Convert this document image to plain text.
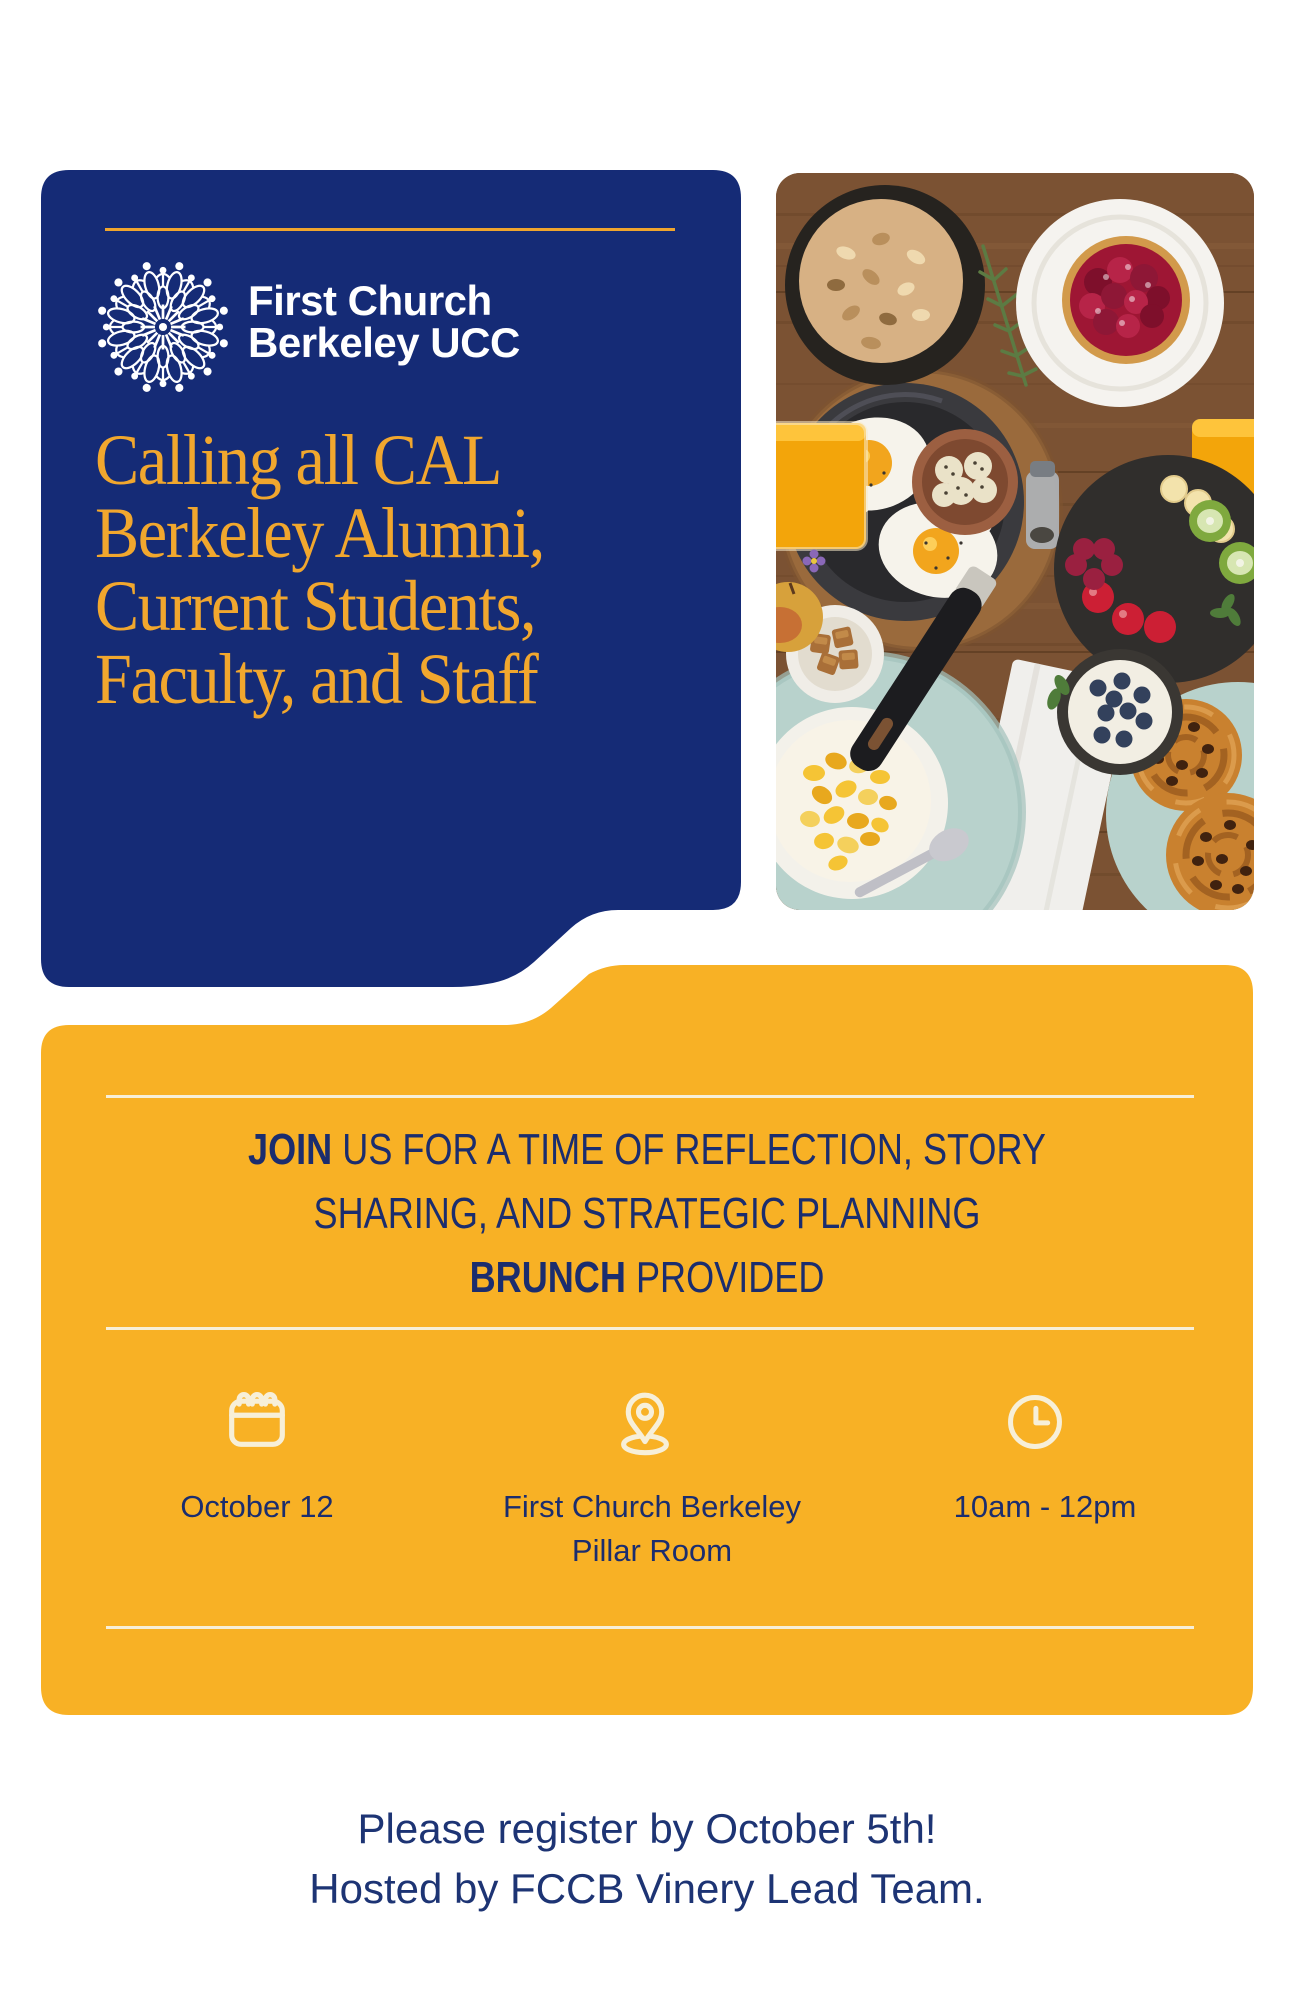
First Church
Berkeley UCC
Calling all CAL
Berkeley Alumni,
Current Students,
Faculty, and Staff
JOIN US FOR A TIME OF REFLECTION, STORY
SHARING, AND STRATEGIC PLANNING
BRUNCH PROVIDED
October 12	First Church Berkeley
Pillar Room
10am - 12pm
Please register by October 5th!
Hosted by FCCB Vinery Lead Team.
